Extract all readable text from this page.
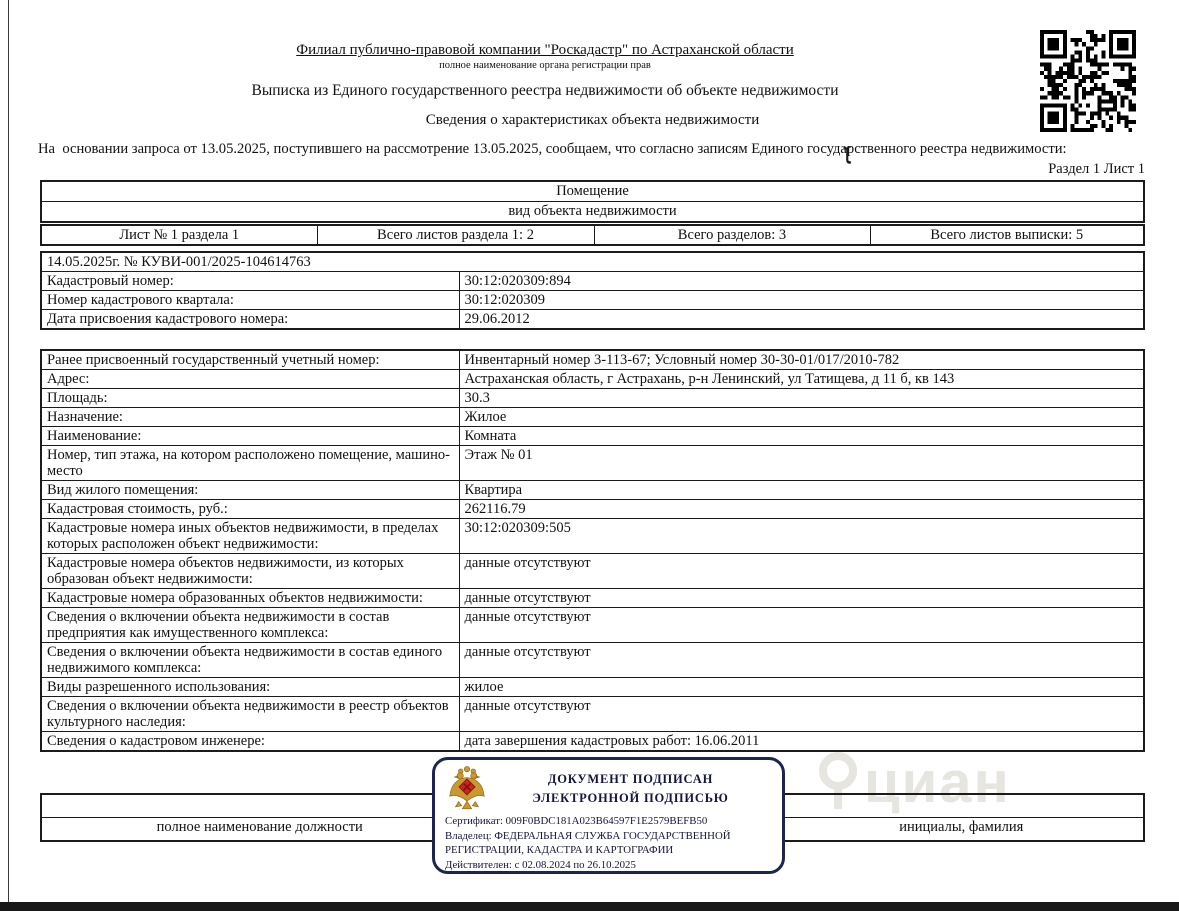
циан
Филиал публично-правовой компании "Роскадастр" по Астраханской области
полное наименование органа регистрации прав
Выписка из Единого государственного реестра недвижимости об объекте недвижимости
Сведения о характеристиках объекта недвижимости
На  основании запроса от 13.05.2025, поступившего на рассмотрение 13.05.2025, сообщаем, что согласно записям Единого государственного реестра недвижимости:
Раздел 1 Лист 1
Помещение
вид объекта недвижимости
Лист № 1 раздела 1	Всего листов раздела 1: 2	Всего разделов: 3	Всего листов выписки: 5
14.05.2025г. № КУВИ-001/2025-104614763	
Кадастровый номер:	30:12:020309:894
Номер кадастрового квартала:	30:12:020309
Дата присвоения кадастрового номера:	29.06.2012
Ранее присвоенный государственный учетный номер:	Инвентарный номер 3-113-67; Условный номер 30-30-01/017/2010-782
Адрес:	Астраханская область, г Астрахань, р-н Ленинский, ул Татищева, д 11 б, кв 143
Площадь:	30.3
Назначение:	Жилое
Наименование:	Комната
Номер, тип этажа, на котором расположено помещение, машино-место	Этаж № 01
Вид жилого помещения:	Квартира
Кадастровая стоимость, руб.:	262116.79
Кадастровые номера иных объектов недвижимости, в пределах которых расположен объект недвижимости:	30:12:020309:505
Кадастровые номера объектов недвижимости, из которых образован объект недвижимости:	данные отсутствуют
Кадастровые номера образованных объектов недвижимости:	данные отсутствуют
Сведения о включении объекта недвижимости в состав предприятия как имущественного комплекса:	данные отсутствуют
Сведения о включении объекта недвижимости в состав единого недвижимого комплекса:	данные отсутствуют
Виды разрешенного использования:	жилое
Сведения о включении объекта недвижимости в реестр объектов культурного наследия:	данные отсутствуют
Сведения о кадастровом инженере:	дата завершения кадастровых работ: 16.06.2011

полное наименование должности		инициалы, фамилия
ДОКУМЕНТ ПОДПИСАН
ЭЛЕКТРОННОЙ ПОДПИСЬЮ
Сертификат: 009F0BDC181A023B64597F1E2579BEFB50
Владелец: ФЕДЕРАЛЬНАЯ СЛУЖБА ГОСУДАРСТВЕННОЙ РЕГИСТРАЦИИ, КАДАСТРА И КАРТОГРАФИИ
Действителен: с 02.08.2024 по 26.10.2025
